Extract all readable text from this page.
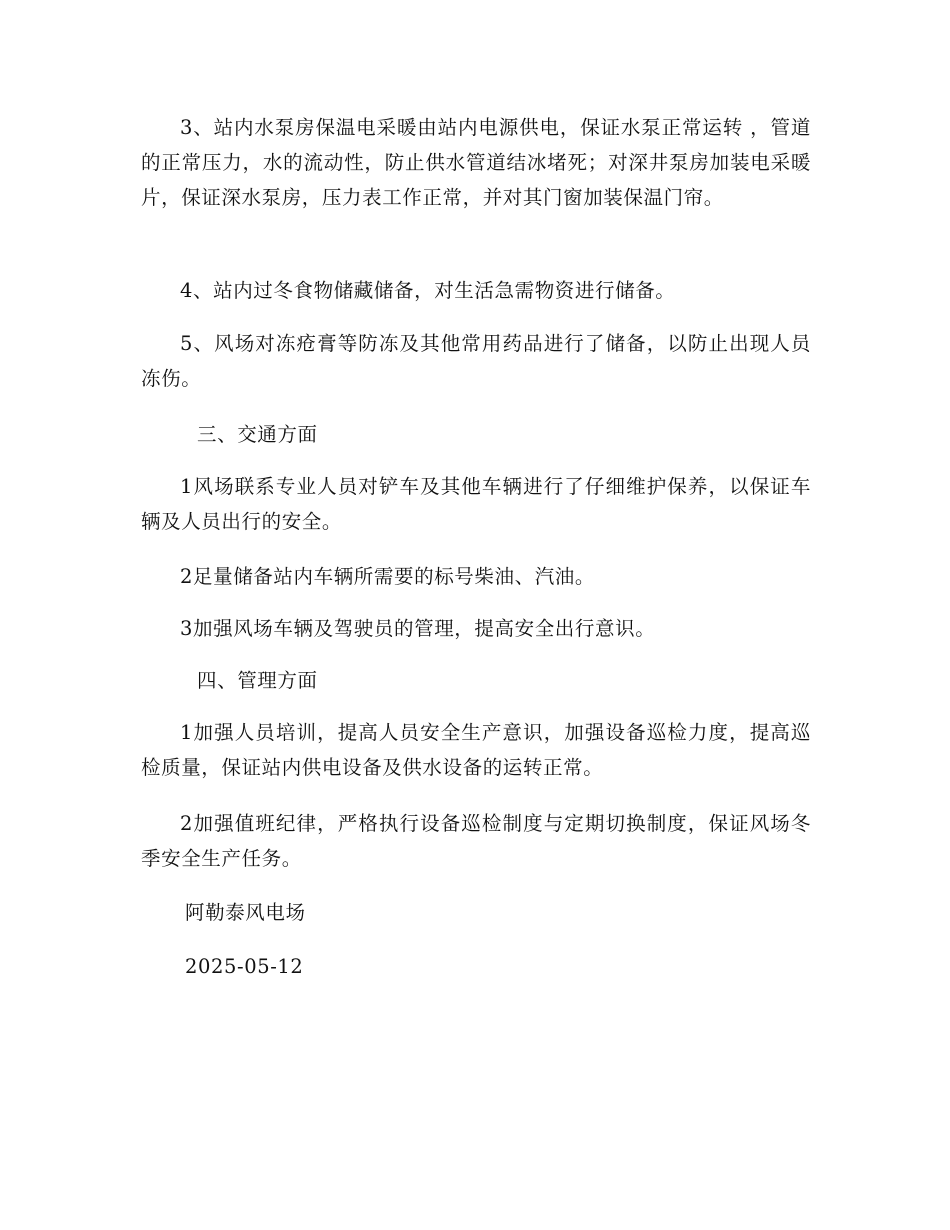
3、站内水泵房保温电采暖由站内电源供电，保证水泵正常运转 ，管道的正常压力，水的流动性，防止供水管道结冰堵死；对深井泵房加装电采暖片，保证深水泵房，压力表工作正常，并对其门窗加装保温门帘。

4、站内过冬食物储藏储备，对生活急需物资进行储备。

5、风场对冻疮膏等防冻及其他常用药品进行了储备，以防止出现人员冻伤。

三、交通方面

1风场联系专业人员对铲车及其他车辆进行了仔细维护保养，以保证车辆及人员出行的安全。

2足量储备站内车辆所需要的标号柴油、汽油。

3加强风场车辆及驾驶员的管理，提高安全出行意识。

四、管理方面

1加强人员培训，提高人员安全生产意识，加强设备巡检力度，提高巡检质量，保证站内供电设备及供水设备的运转正常。

2加强值班纪律，严格执行设备巡检制度与定期切换制度，保证风场冬季安全生产任务。

阿勒泰风电场

2025-05-12
